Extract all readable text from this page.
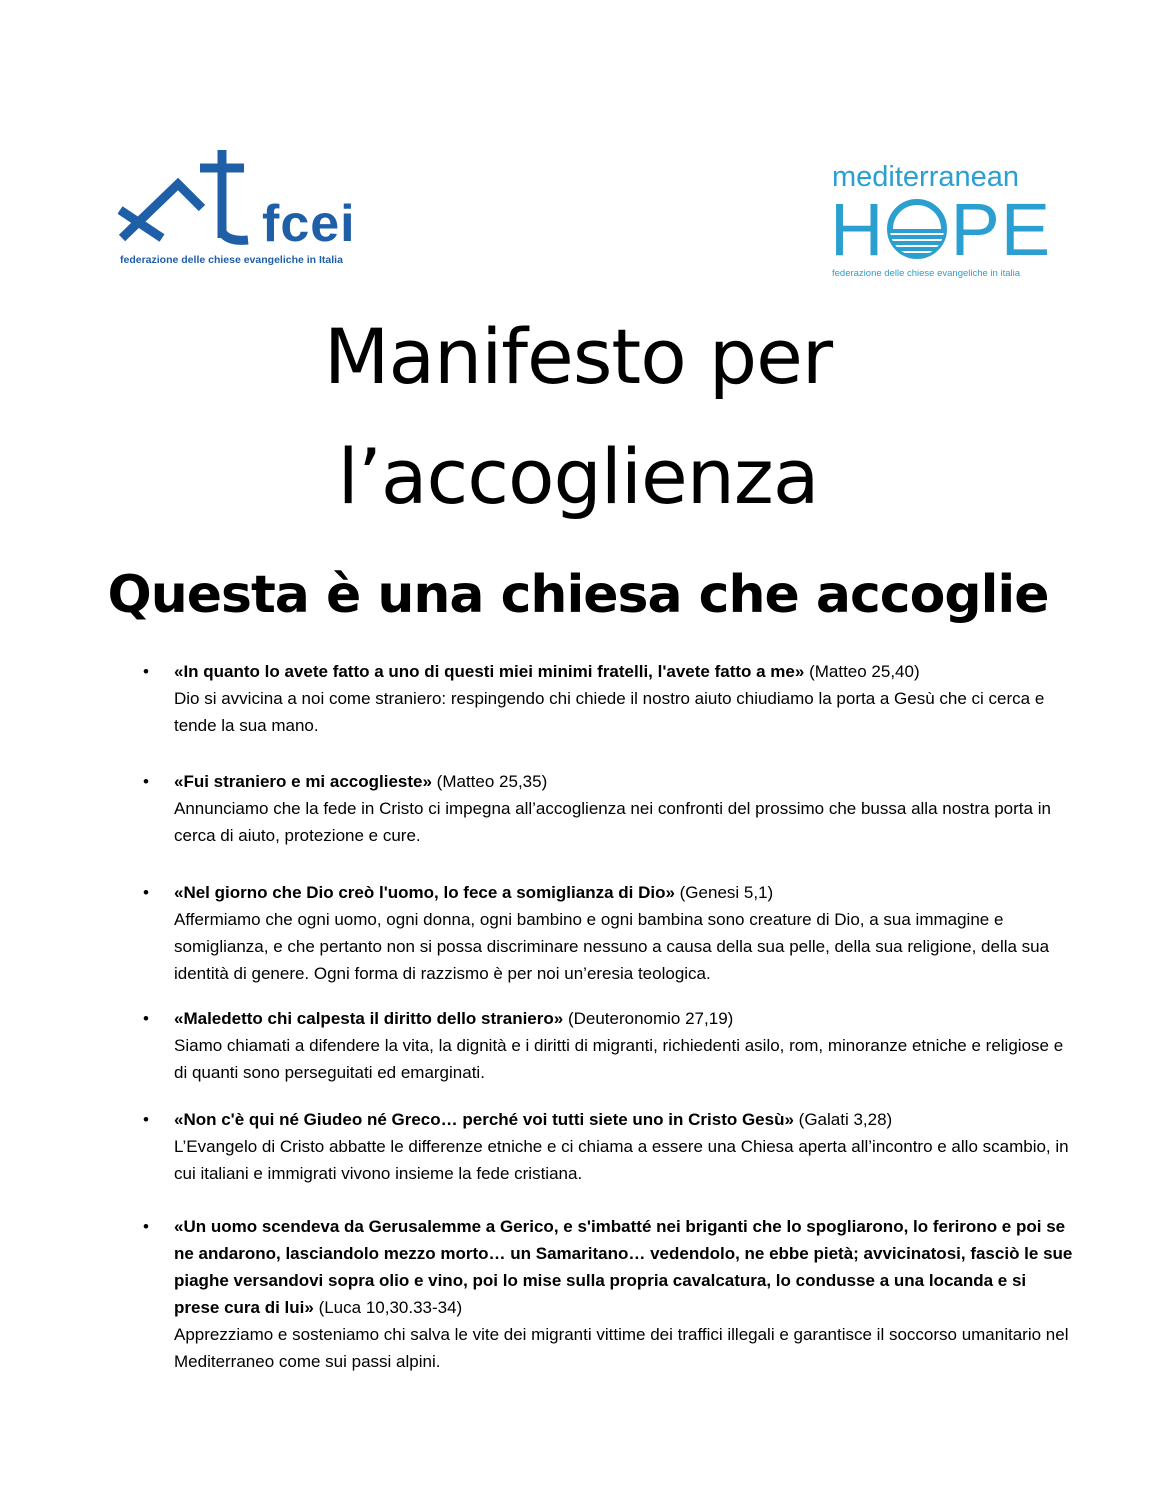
fcei
federazione delle chiese evangeliche in Italia
mediterranean
H PE
federazione delle chiese evangeliche in italia
Manifesto per
l’accoglienza
Questa è una chiesa che accoglie
• «In quanto lo avete fatto a uno di questi miei minimi fratelli, l'avete fatto a me» (Matteo 25,40)
Dio si avvicina a noi come straniero: respingendo chi chiede il nostro aiuto chiudiamo la porta a Gesù che ci cerca e tende la sua mano.
• «Fui straniero e mi accoglieste» (Matteo 25,35)
Annunciamo che la fede in Cristo ci impegna all’accoglienza nei confronti del prossimo che bussa alla nostra porta in cerca di aiuto, protezione e cure.
• «Nel giorno che Dio creò l'uomo, lo fece a somiglianza di Dio» (Genesi 5,1)
Affermiamo che ogni uomo, ogni donna, ogni bambino e ogni bambina sono creature di Dio, a sua immagine e somiglianza, e che pertanto non si possa discriminare nessuno a causa della sua pelle, della sua religione, della sua identità di genere. Ogni forma di razzismo è per noi un’eresia teologica.
• «Maledetto chi calpesta il diritto dello straniero» (Deuteronomio 27,19)
Siamo chiamati a difendere la vita, la dignità e i diritti di migranti, richiedenti asilo, rom, minoranze etniche e religiose e di quanti sono perseguitati ed emarginati.
• «Non c'è qui né Giudeo né Greco… perché voi tutti siete uno in Cristo Gesù» (Galati 3,28)
L’Evangelo di Cristo abbatte le differenze etniche e ci chiama a essere una Chiesa aperta all’incontro e allo scambio, in cui italiani e immigrati vivono insieme la fede cristiana.
• «Un uomo scendeva da Gerusalemme a Gerico, e s'imbatté nei briganti che lo spogliarono, lo ferirono e poi se ne andarono, lasciandolo mezzo morto… un Samaritano… vedendolo, ne ebbe pietà; avvicinatosi, fasciò le sue piaghe versandovi sopra olio e vino, poi lo mise sulla propria cavalcatura, lo condusse a una locanda e si prese cura di lui» (Luca 10,30.33-34)
Apprezziamo e sosteniamo chi salva le vite dei migranti vittime dei traffici illegali e garantisce il soccorso umanitario nel Mediterraneo come sui passi alpini.
